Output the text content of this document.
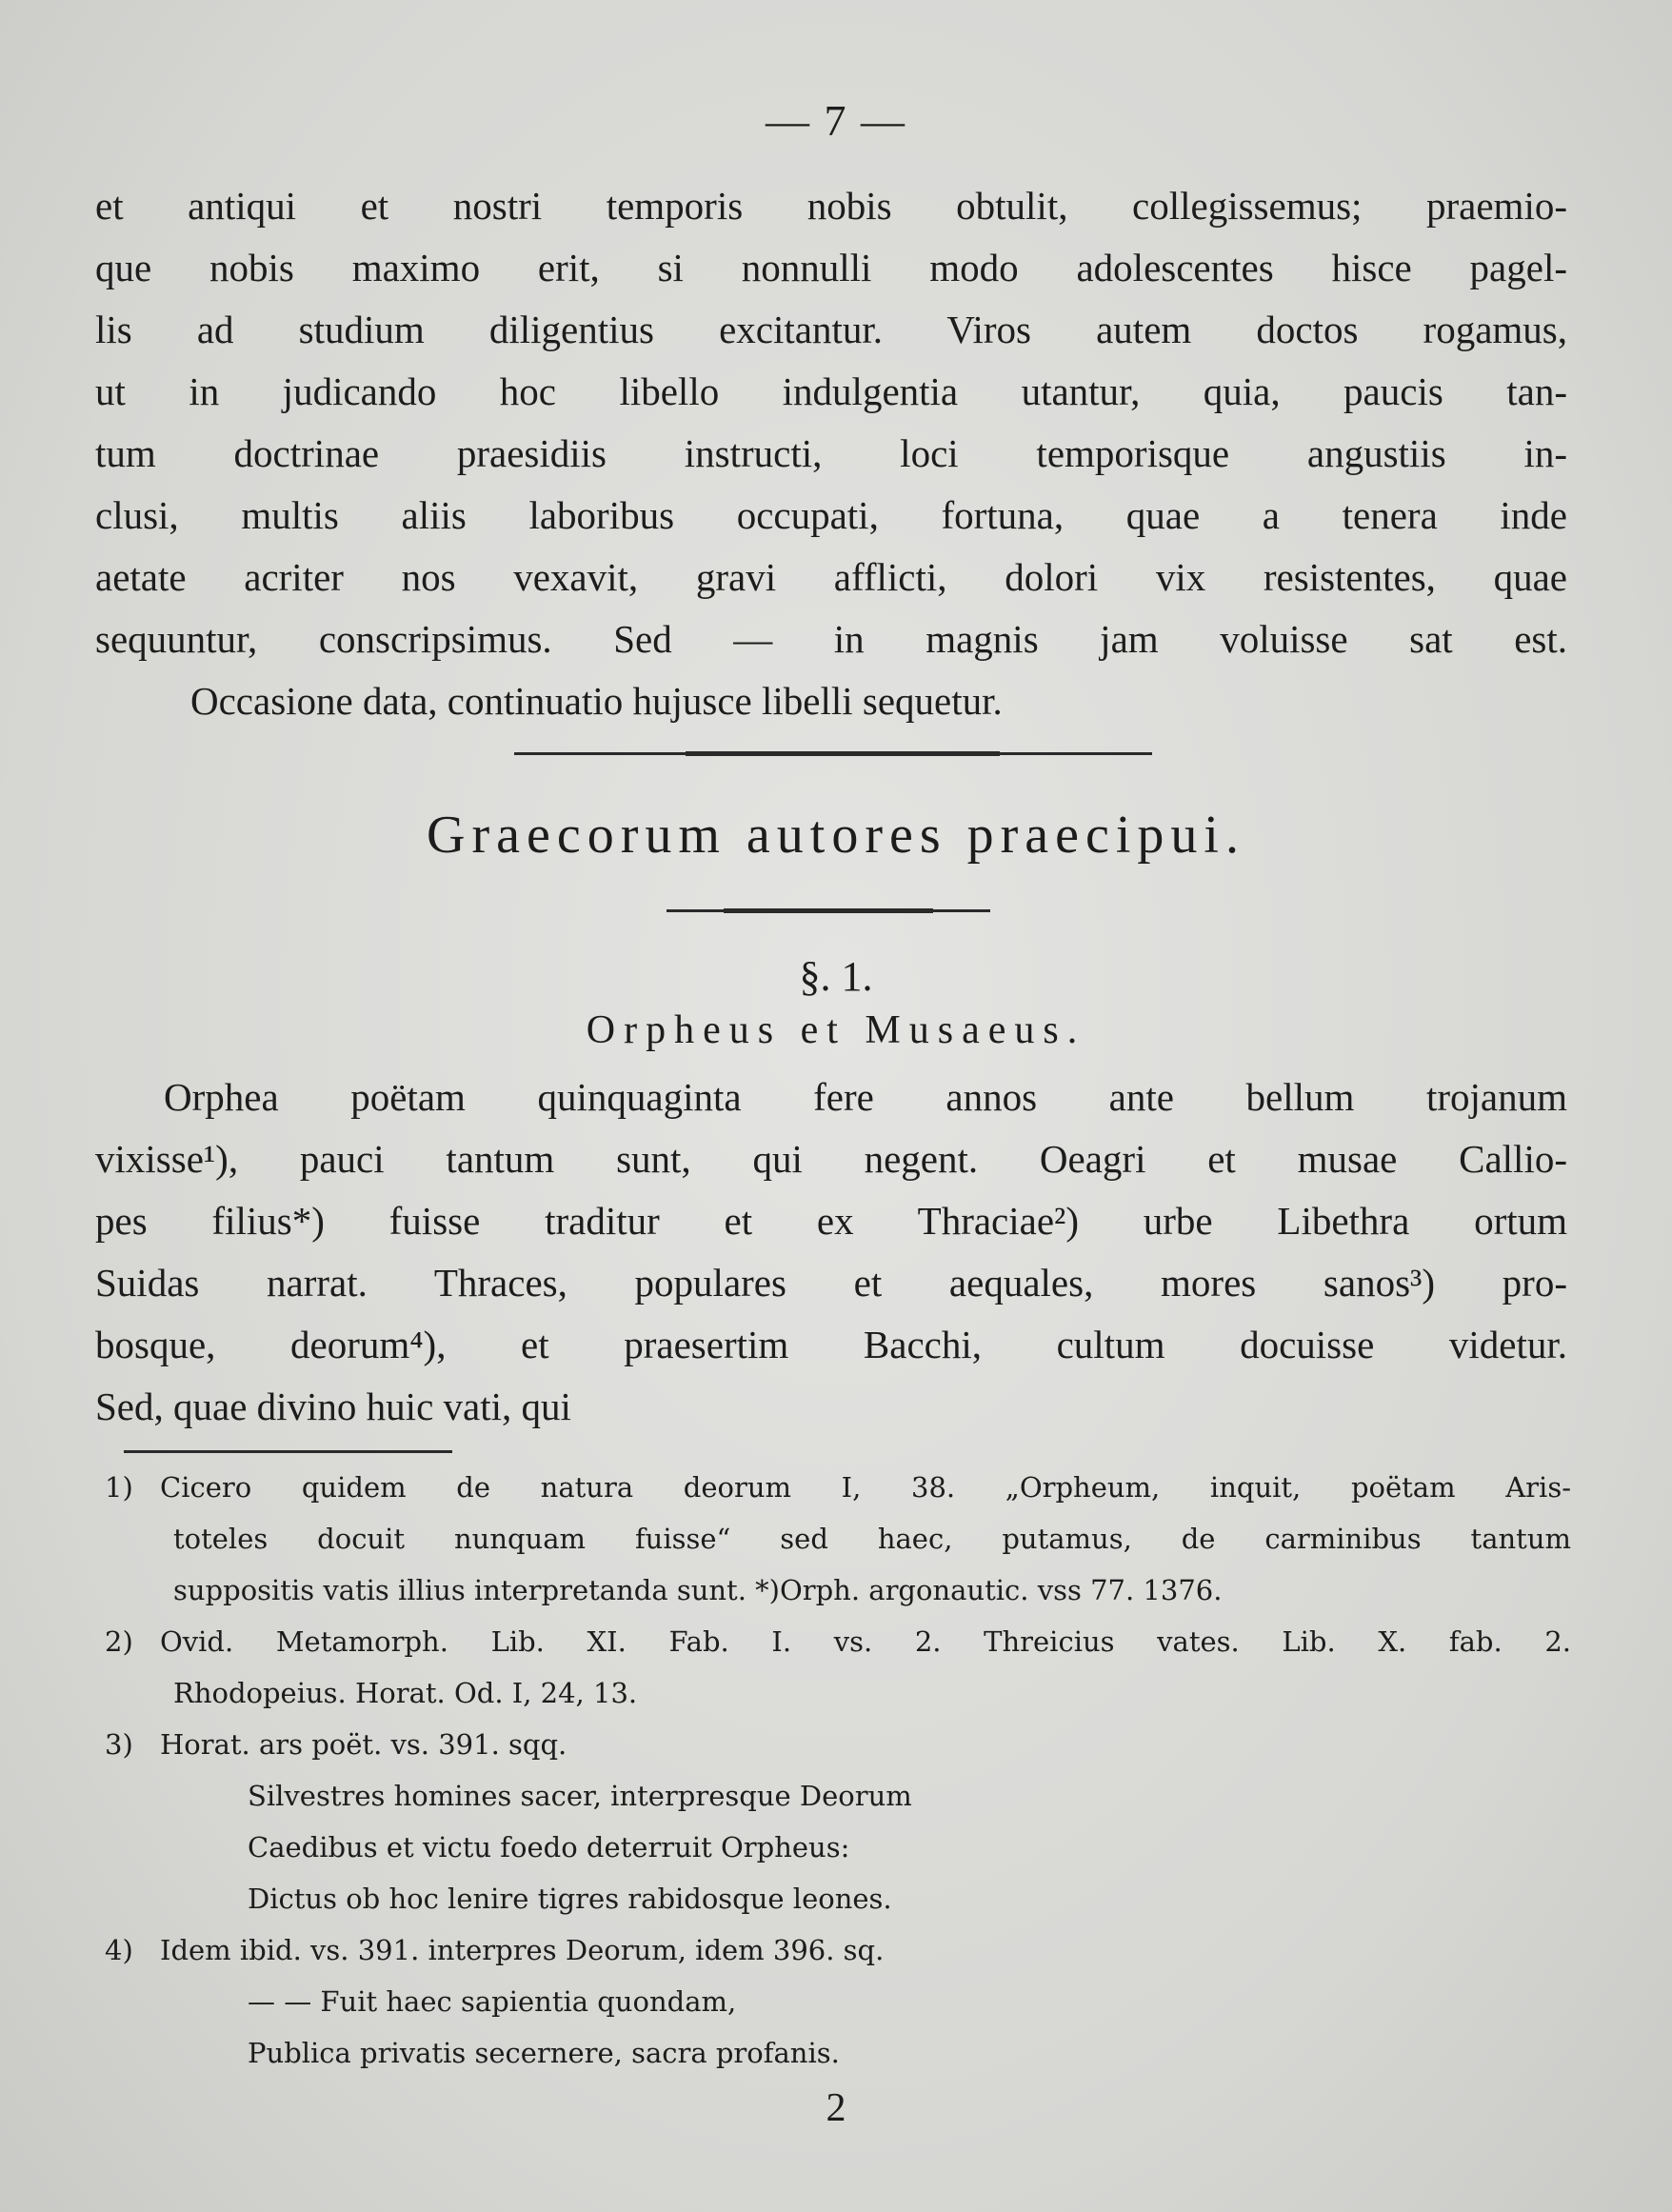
— 7 —
et antiqui et nostri temporis nobis obtulit, collegissemus; praemio-
que nobis maximo erit, si nonnulli modo adolescentes hisce pagel-
lis ad studium diligentius excitantur. Viros autem doctos rogamus,
ut in judicando hoc libello indulgentia utantur, quia, paucis tan-
tum doctrinae praesidiis instructi, loci temporisque angustiis in-
clusi, multis aliis laboribus occupati, fortuna, quae a tenera inde
aetate acriter nos vexavit, gravi afflicti, dolori vix resistentes, quae
sequuntur, conscripsimus. Sed — in magnis jam voluisse sat est.
Occasione data, continuatio hujusce libelli sequetur.
Graecorum autores praecipui.
§. 1.
Orpheus et Musaeus.
Orphea poëtam quinquaginta fere annos ante bellum trojanum
vixisse¹), pauci tantum sunt, qui negent. Oeagri et musae Callio-
pes filius*) fuisse traditur et ex Thraciae²) urbe Libethra ortum
Suidas narrat. Thraces, populares et aequales, mores sanos³) pro-
bosque, deorum⁴), et praesertim Bacchi, cultum docuisse videtur.
Sed, quae divino huic vati, qui
1) Cicero quidem de natura deorum I, 38. „Orpheum, inquit, poëtam Aris-
toteles docuit nunquam fuisse“ sed haec, putamus, de carminibus tantum
suppositis vatis illius interpretanda sunt. *)Orph. argonautic. vss 77. 1376.
2) Ovid. Metamorph. Lib. XI. Fab. I. vs. 2. Threicius vates. Lib. X. fab. 2.
Rhodopeius. Horat. Od. I, 24, 13.
3) Horat. ars poët. vs. 391. sqq.
Silvestres homines sacer, interpresque Deorum
Caedibus et victu foedo deterruit Orpheus:
Dictus ob hoc lenire tigres rabidosque leones.
4) Idem ibid. vs. 391. interpres Deorum, idem 396. sq.
— — Fuit haec sapientia quondam,
Publica privatis secernere, sacra profanis.
2
